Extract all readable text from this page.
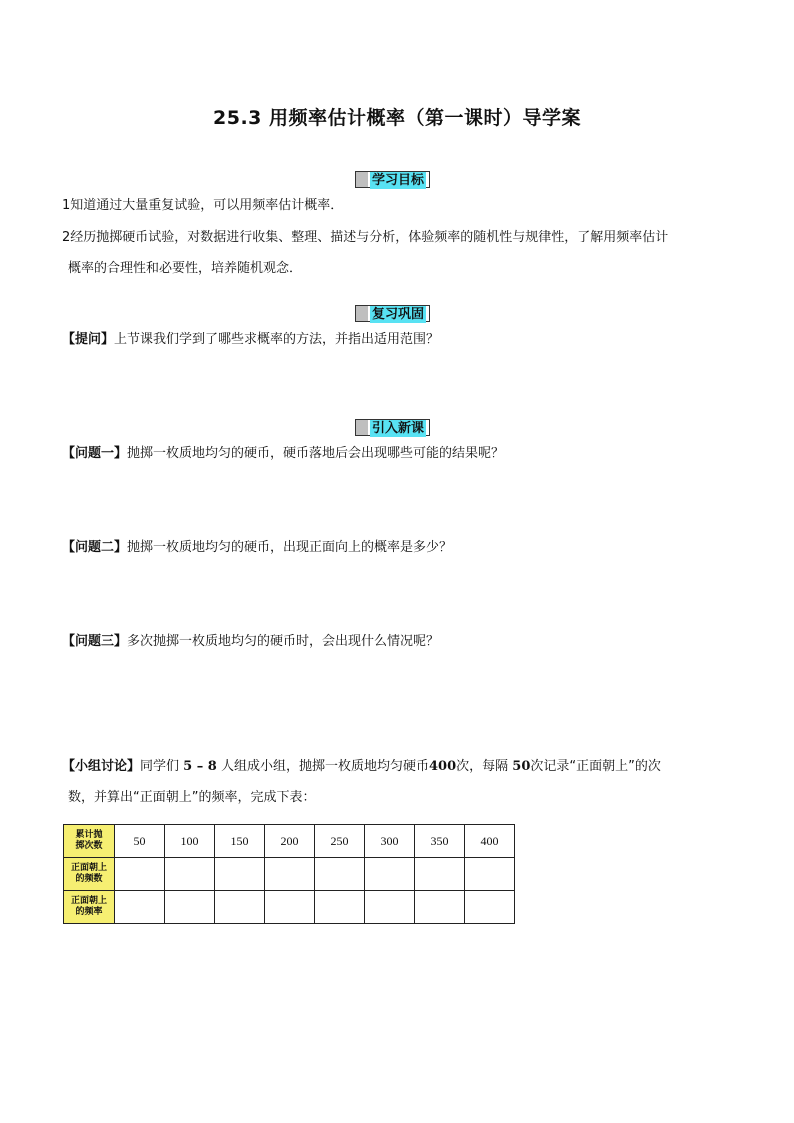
25.3 用频率估计概率（第一课时）导学案
学习目标
1知道通过大量重复试验，可以用频率估计概率．
2经历抛掷硬币试验，对数据进行收集、整理、描述与分析，体验频率的随机性与规律性，了解用频率估计
概率的合理性和必要性，培养随机观念．
复习巩固
【提问】上节课我们学到了哪些求概率的方法，并指出适用范围？
引入新课
【问题一】抛掷一枚质地均匀的硬币，硬币落地后会出现哪些可能的结果呢？
【问题二】抛掷一枚质地均匀的硬币，出现正面向上的概率是多少？
【问题三】多次抛掷一枚质地均匀的硬币时，会出现什么情况呢？
【小组讨论】同学们 5 – 8 人组成小组，抛掷一枚质地均匀硬币400次，每隔 50次记录“正面朝上”的次
数，并算出“正面朝上”的频率，完成下表：
累计抛
掷次数	50	100	150	200	250	300	350	400
正面朝上
的频数								
正面朝上
的频率								
